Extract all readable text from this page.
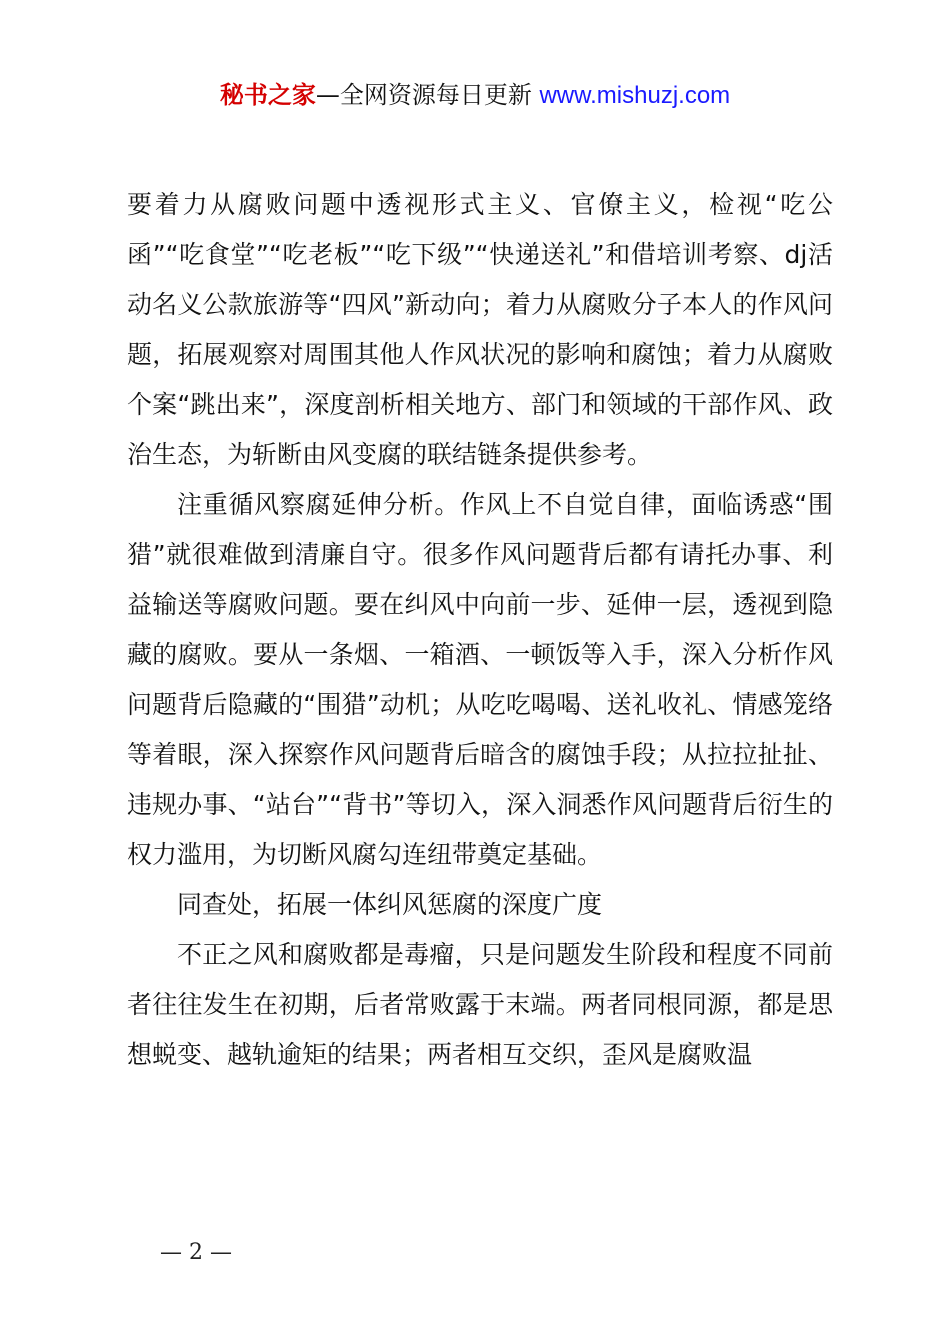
秘书之家—全网资源每日更新 www.mishuzj.com

要着力从腐败问题中透视形式主义、官僚主义，检视“吃公函”“吃食堂”“吃老板”“吃下级”“快递送礼”和借培训考察、dj活动名义公款旅游等“四风”新动向；着力从腐败分子本人的作风问题，拓展观察对周围其他人作风状况的影响和腐蚀；着力从腐败个案“跳出来”，深度剖析相关地方、部门和领域的干部作风、政治生态，为斩断由风变腐的联结链条提供参考。

注重循风察腐延伸分析。作风上不自觉自律，面临诱惑“围猎”就很难做到清廉自守。很多作风问题背后都有请托办事、利益输送等腐败问题。要在纠风中向前一步、延伸一层，透视到隐藏的腐败。要从一条烟、一箱酒、一顿饭等入手，深入分析作风问题背后隐藏的“围猎”动机；从吃吃喝喝、送礼收礼、情感笼络等着眼，深入探察作风问题背后暗含的腐蚀手段；从拉拉扯扯、违规办事、“站台”“背书”等切入，深入洞悉作风问题背后衍生的权力滥用，为切断风腐勾连纽带奠定基础。

同查处，拓展一体纠风惩腐的深度广度

不正之风和腐败都是毒瘤，只是问题发生阶段和程度不同前者往往发生在初期，后者常败露于末端。两者同根同源，都是思想蜕变、越轨逾矩的结果；两者相互交织，歪风是腐败温

— 2 —
